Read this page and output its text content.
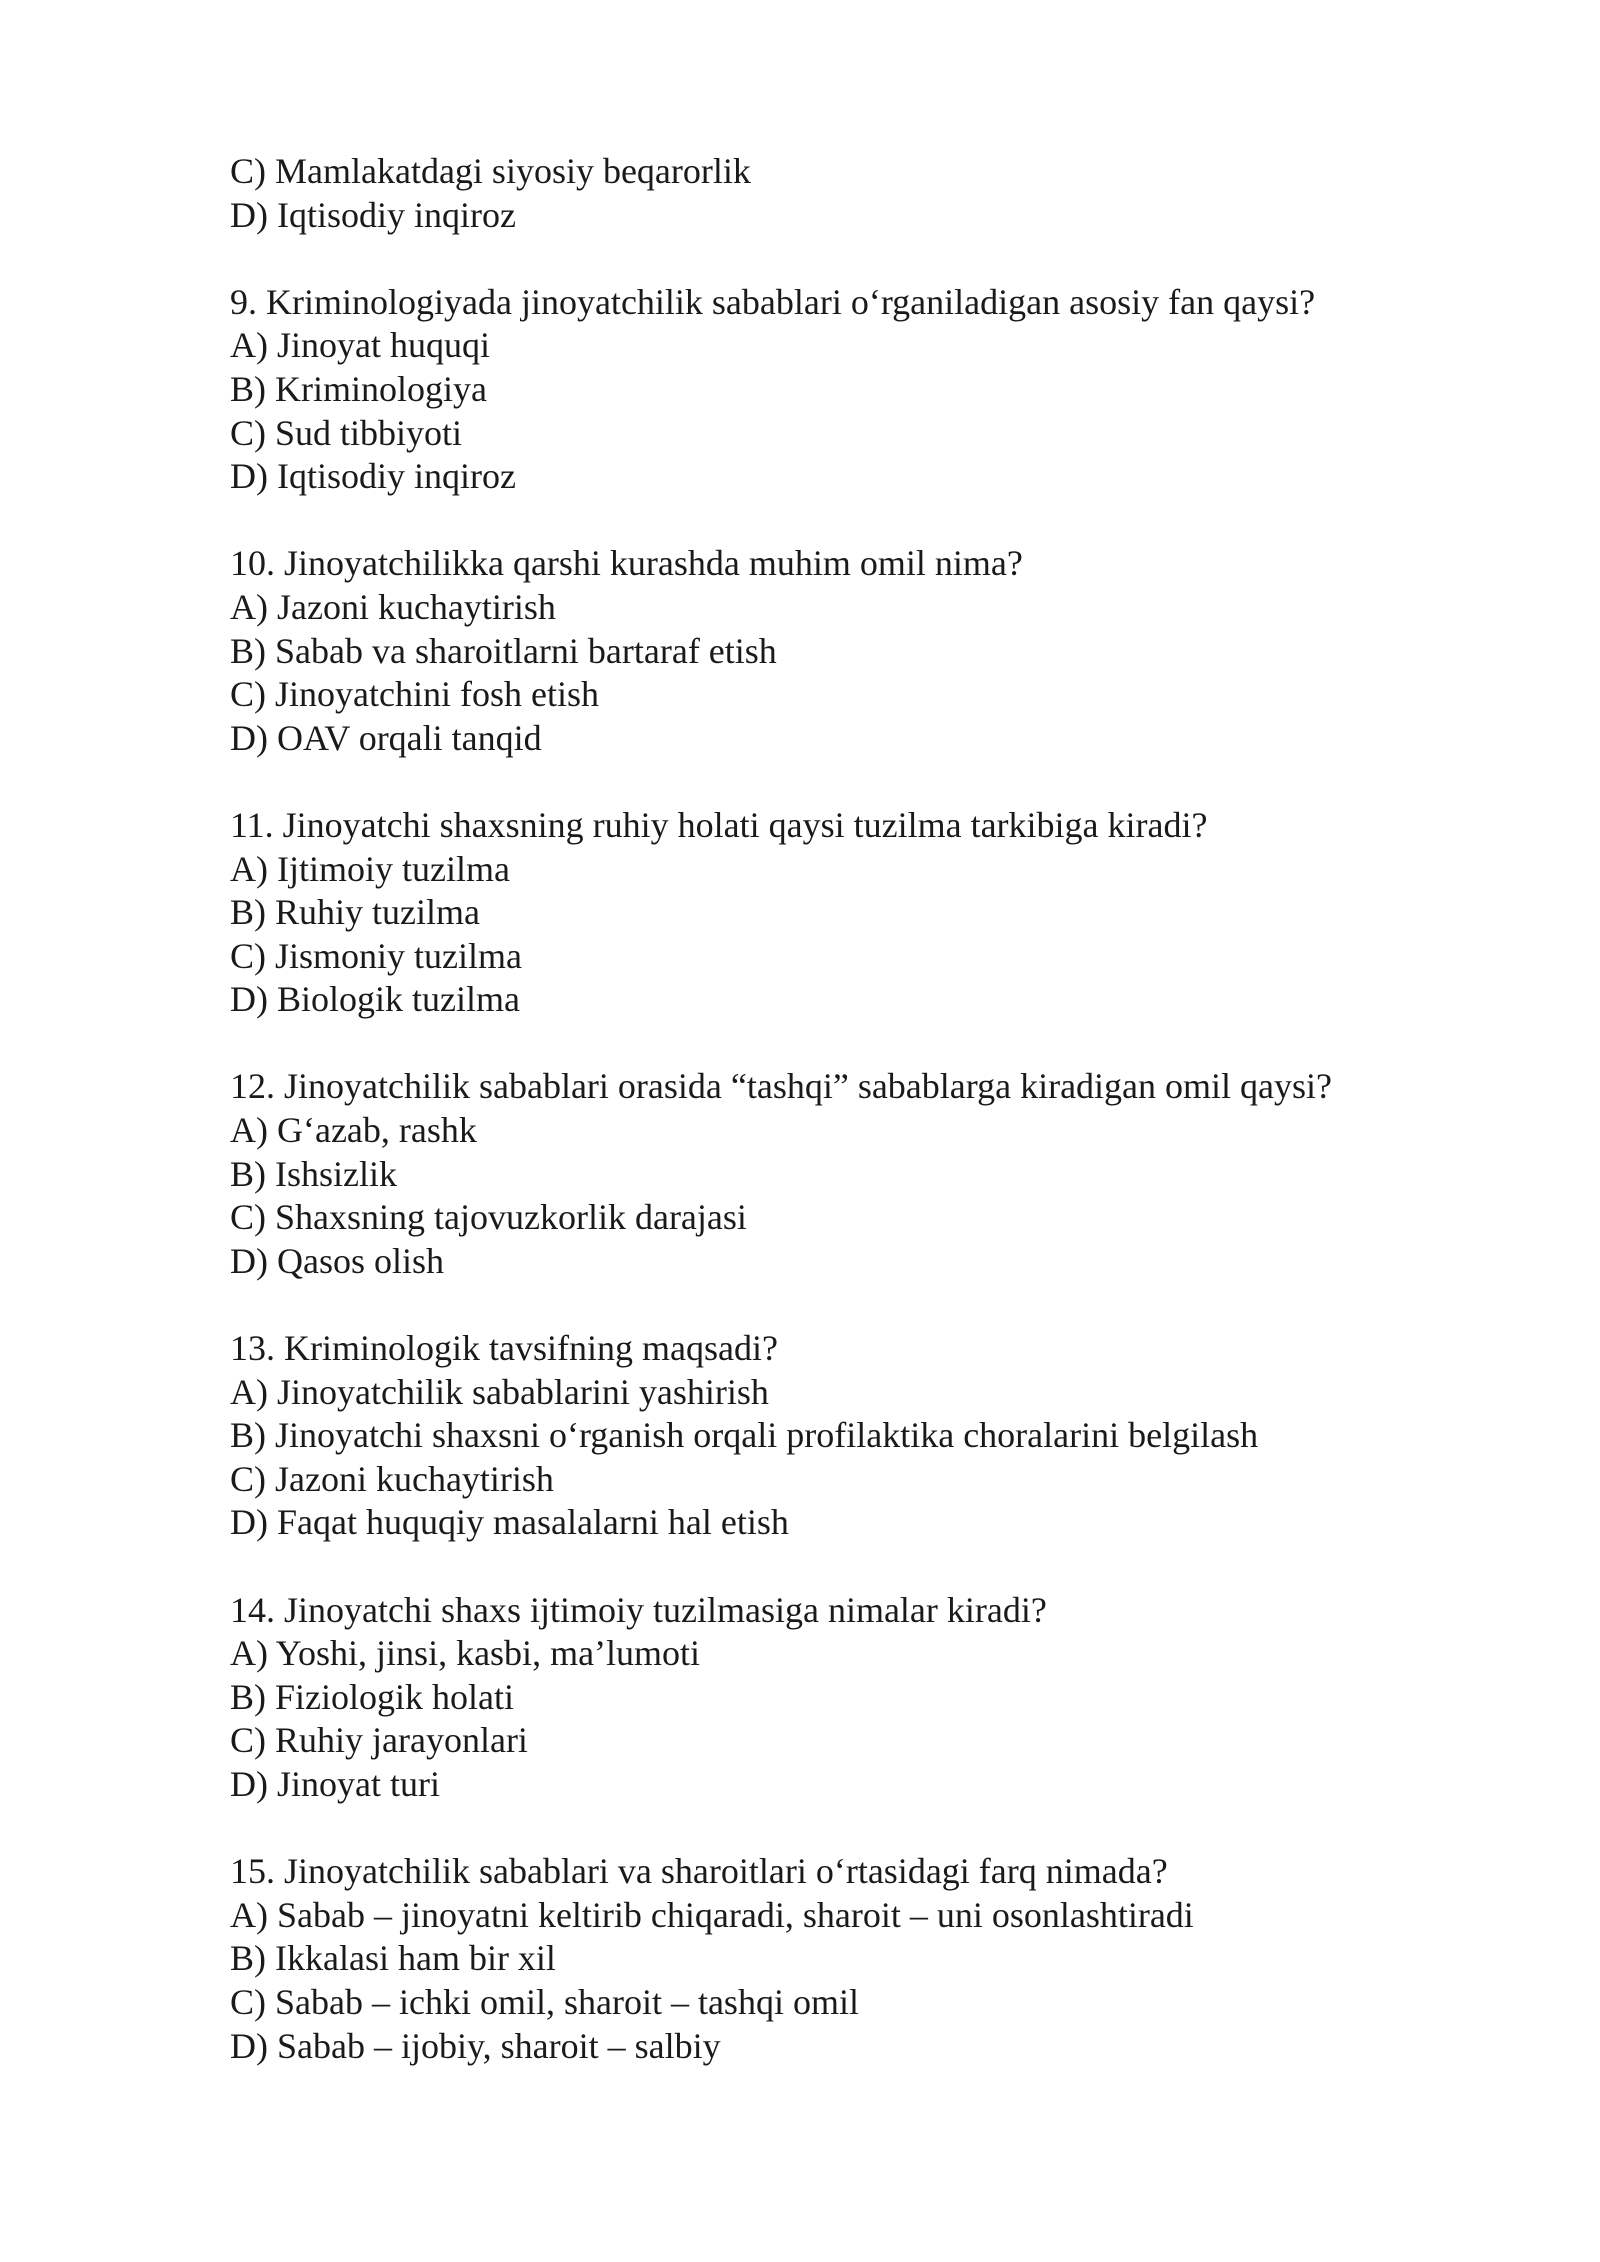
C) Mamlakatdagi siyosiy beqarorlik
D) Iqtisodiy inqiroz
9. Kriminologiyada jinoyatchilik sabablari o‘rganiladigan asosiy fan qaysi?
A) Jinoyat huquqi
B) Kriminologiya
C) Sud tibbiyoti
D) Iqtisodiy inqiroz
10. Jinoyatchilikka qarshi kurashda muhim omil nima?
A) Jazoni kuchaytirish
B) Sabab va sharoitlarni bartaraf etish
C) Jinoyatchini fosh etish
D) OAV orqali tanqid
11. Jinoyatchi shaxsning ruhiy holati qaysi tuzilma tarkibiga kiradi?
A) Ijtimoiy tuzilma
B) Ruhiy tuzilma
C) Jismoniy tuzilma
D) Biologik tuzilma
12. Jinoyatchilik sabablari orasida “tashqi” sabablarga kiradigan omil qaysi?
A) G‘azab, rashk
B) Ishsizlik
C) Shaxsning tajovuzkorlik darajasi
D) Qasos olish
13. Kriminologik tavsifning maqsadi?
A) Jinoyatchilik sabablarini yashirish
B) Jinoyatchi shaxsni o‘rganish orqali profilaktika choralarini belgilash
C) Jazoni kuchaytirish
D) Faqat huquqiy masalalarni hal etish
14. Jinoyatchi shaxs ijtimoiy tuzilmasiga nimalar kiradi?
A) Yoshi, jinsi, kasbi, ma’lumoti
B) Fiziologik holati
C) Ruhiy jarayonlari
D) Jinoyat turi
15. Jinoyatchilik sabablari va sharoitlari o‘rtasidagi farq nimada?
A) Sabab – jinoyatni keltirib chiqaradi, sharoit – uni osonlashtiradi
B) Ikkalasi ham bir xil
C) Sabab – ichki omil, sharoit – tashqi omil
D) Sabab – ijobiy, sharoit – salbiy
